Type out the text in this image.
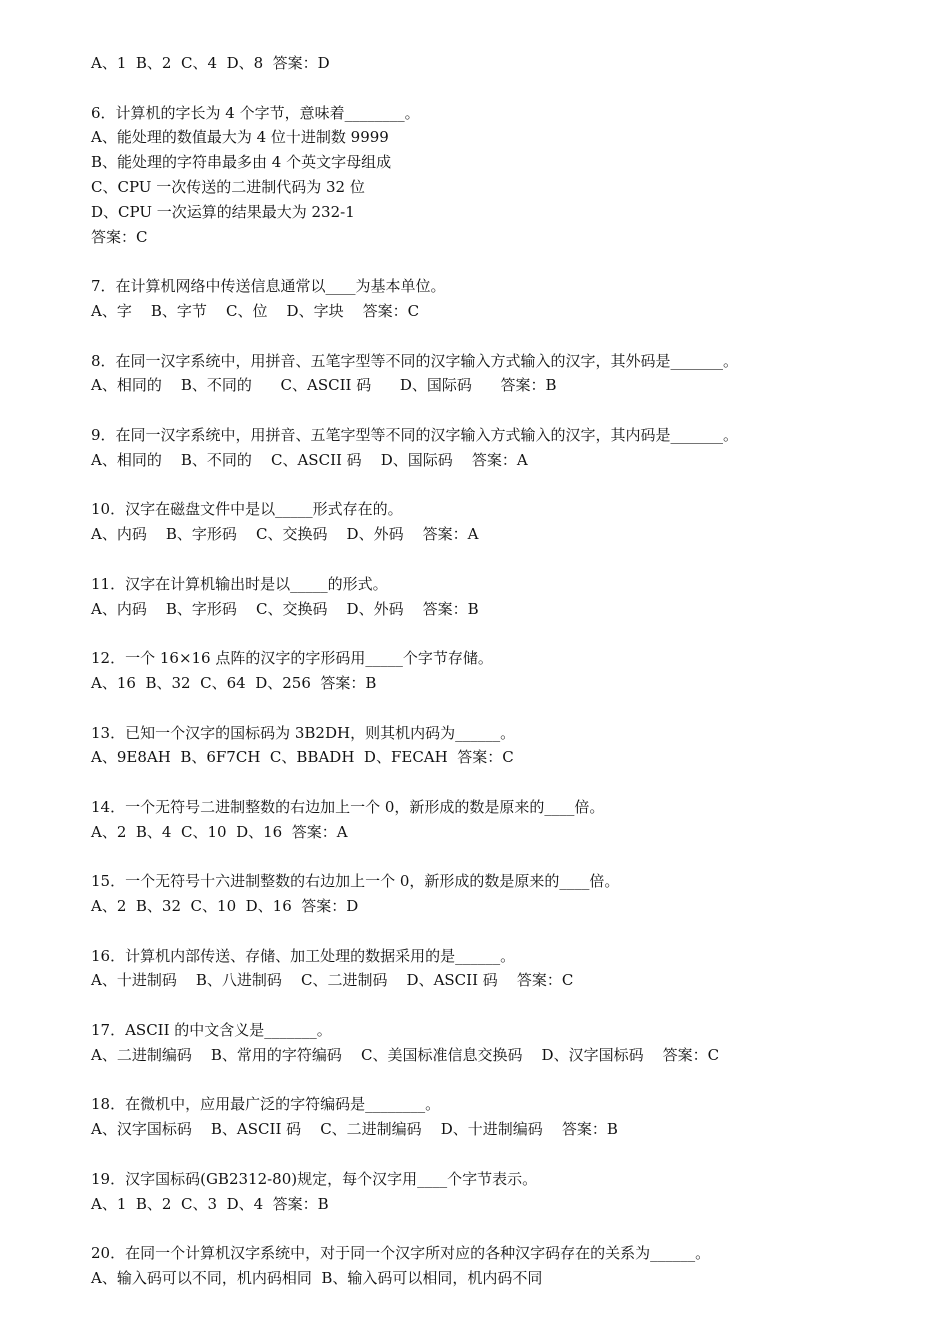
A、1  B、2  C、4  D、8  答案：D
6．计算机的字长为 4 个字节，意味着________。
A、能处理的数值最大为 4 位十进制数 9999
B、能处理的字符串最多由 4 个英文字母组成
C、CPU 一次传送的二进制代码为 32 位
D、CPU 一次运算的结果最大为 232-1
答案：C
7．在计算机网络中传送信息通常以____为基本单位。
A、字    B、字节    C、位    D、字块    答案：C
8．在同一汉字系统中，用拼音、五笔字型等不同的汉字输入方式输入的汉字，其外码是_______。
A、相同的    B、不同的      C、ASCII 码      D、国际码      答案：B
9．在同一汉字系统中，用拼音、五笔字型等不同的汉字输入方式输入的汉字，其内码是_______。
A、相同的    B、不同的    C、ASCII 码    D、国际码    答案：A
10．汉字在磁盘文件中是以_____形式存在的。
A、内码    B、字形码    C、交换码    D、外码    答案：A
11．汉字在计算机输出时是以_____的形式。
A、内码    B、字形码    C、交换码    D、外码    答案：B
12．一个 16×16 点阵的汉字的字形码用_____个字节存储。
A、16  B、32  C、64  D、256  答案：B
13．已知一个汉字的国标码为 3B2DH，则其机内码为______。
A、9E8AH  B、6F7CH  C、BBADH  D、FECAH  答案：C
14．一个无符号二进制整数的右边加上一个 0，新形成的数是原来的____倍。
A、2  B、4  C、10  D、16  答案：A
15．一个无符号十六进制整数的右边加上一个 0，新形成的数是原来的____倍。
A、2  B、32  C、10  D、16  答案：D
16．计算机内部传送、存储、加工处理的数据采用的是______。
A、十进制码    B、八进制码    C、二进制码    D、ASCII 码    答案：C
17．ASCII 的中文含义是_______。
A、二进制编码    B、常用的字符编码    C、美国标准信息交换码    D、汉字国标码    答案：C
18．在微机中，应用最广泛的字符编码是________。
A、汉字国标码    B、ASCII 码    C、二进制编码    D、十进制编码    答案：B
19．汉字国标码(GB2312-80)规定，每个汉字用____个字节表示。
A、1  B、2  C、3  D、4  答案：B
20．在同一个计算机汉字系统中，对于同一个汉字所对应的各种汉字码存在的关系为______。
A、输入码可以不同，机内码相同  B、输入码可以相同，机内码不同
